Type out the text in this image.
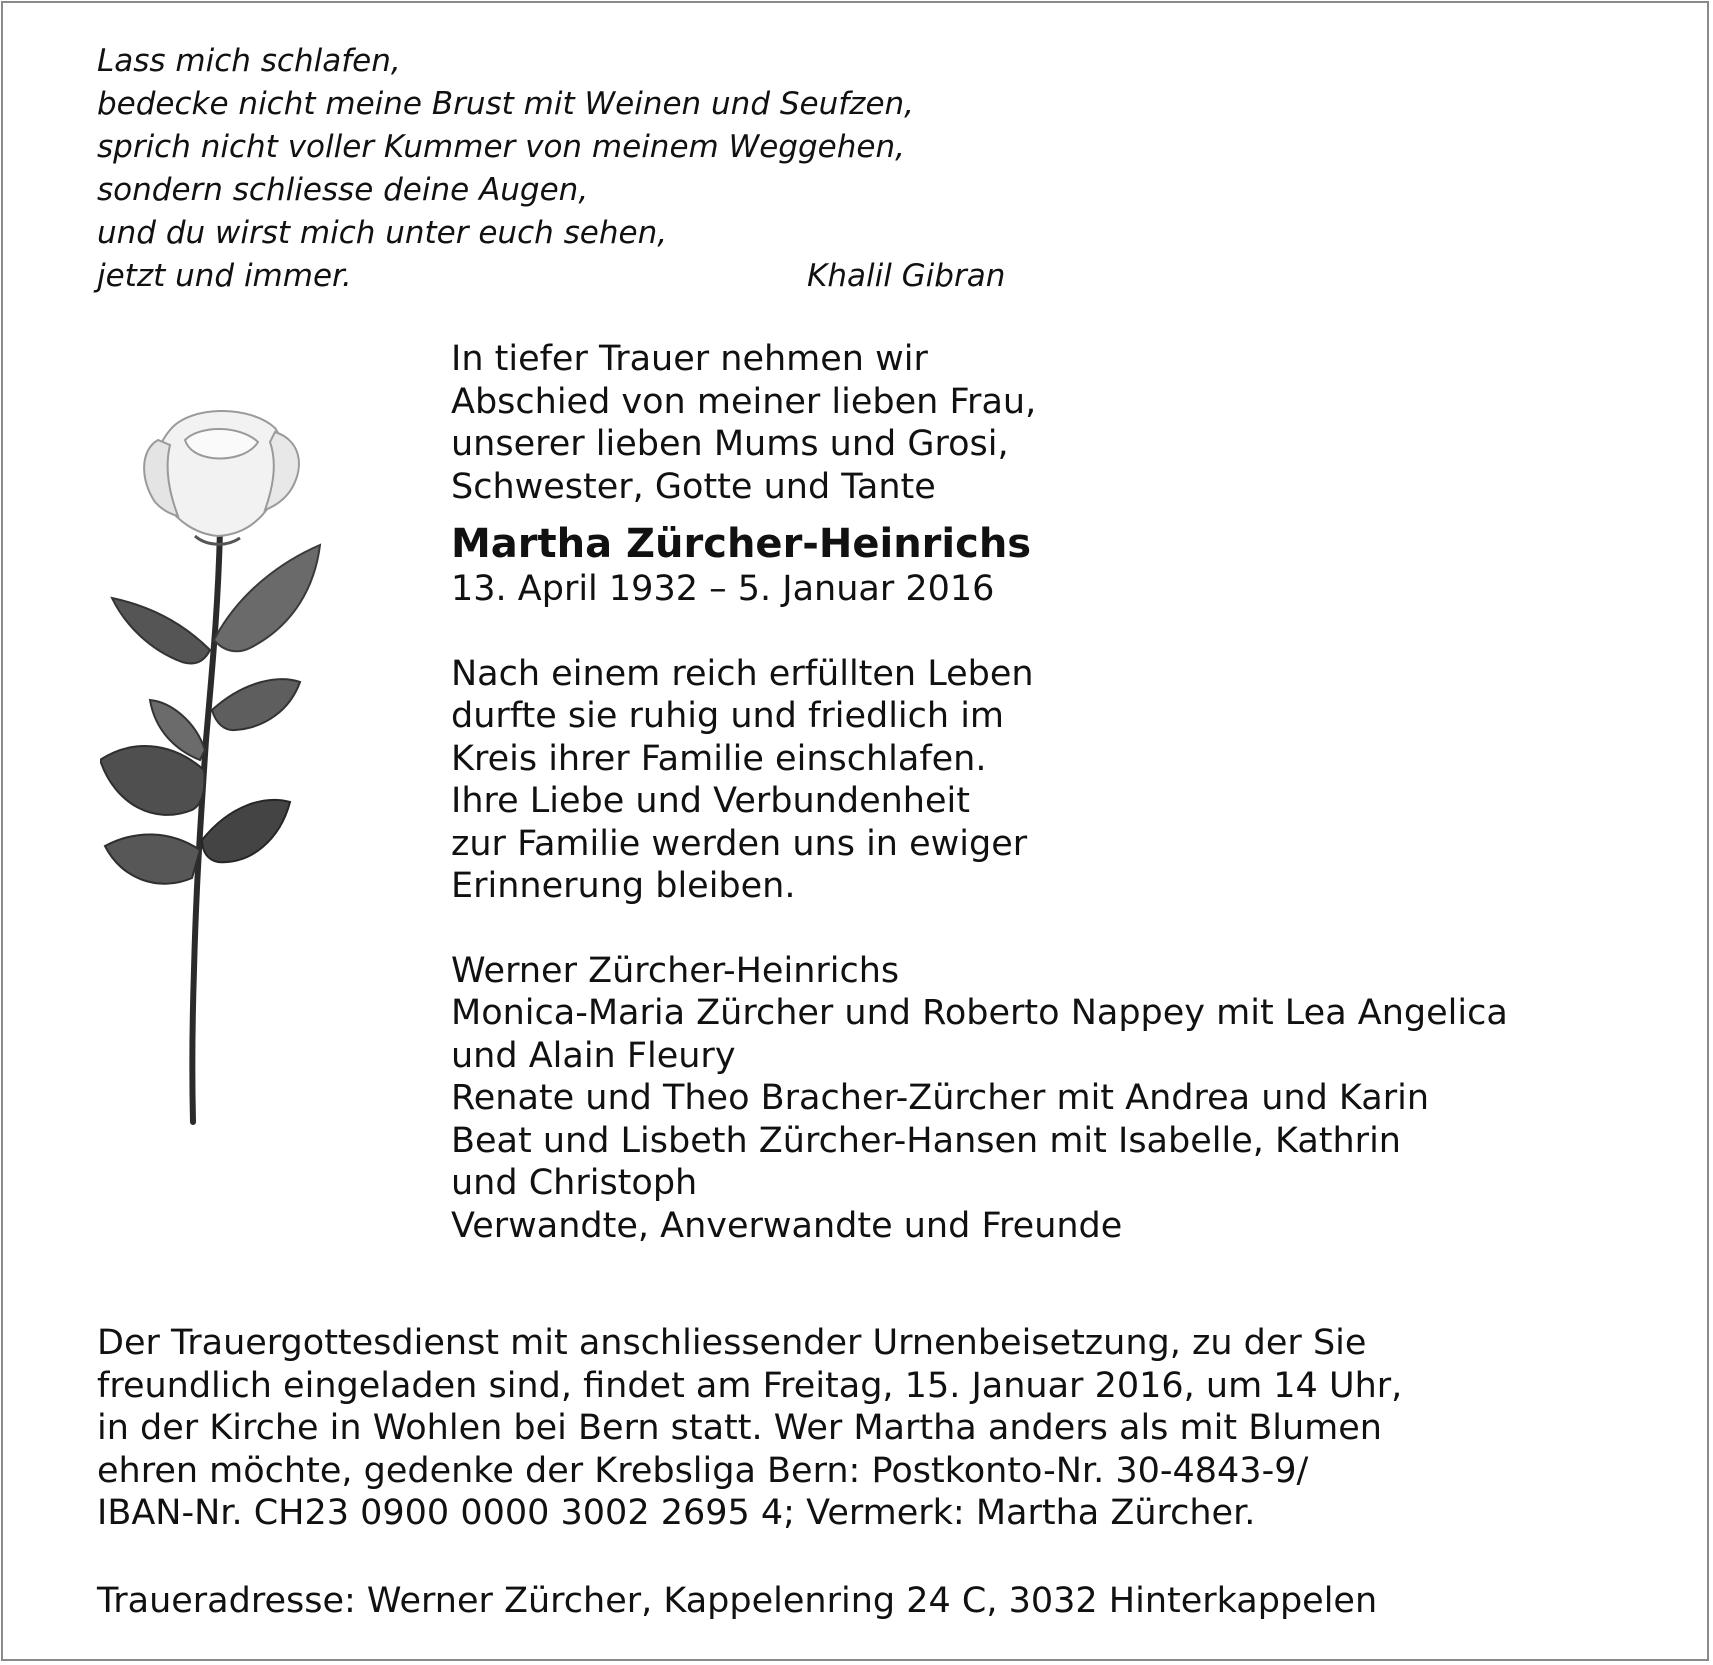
Lass mich schlafen,
bedecke nicht meine Brust mit Weinen und Seufzen,
sprich nicht voller Kummer von meinem Weggehen,
sondern schliesse deine Augen,
und du wirst mich unter euch sehen,
jetzt und immer.	Khalil Gibran
In tiefer Trauer nehmen wir
Abschied von meiner lieben Frau,
unserer lieben Mums und Grosi,
Schwester, Gotte und Tante
Martha Zürcher-Heinrichs
13. April 1932 – 5. Januar 2016
Nach einem reich erfüllten Leben
durfte sie ruhig und friedlich im
Kreis ihrer Familie einschlafen.
Ihre Liebe und Verbundenheit
zur Familie werden uns in ewiger
Erinnerung bleiben.
Werner Zürcher-Heinrichs
Monica-Maria Zürcher und Roberto Nappey mit Lea Angelica
und Alain Fleury
Renate und Theo Bracher-Zürcher mit Andrea und Karin
Beat und Lisbeth Zürcher-Hansen mit Isabelle, Kathrin
und Christoph
Verwandte, Anverwandte und Freunde
Der Trauergottesdienst mit anschliessender Urnenbeisetzung, zu der Sie
freundlich eingeladen sind, findet am Freitag, 15. Januar 2016, um 14 Uhr,
in der Kirche in Wohlen bei Bern statt. Wer Martha anders als mit Blumen
ehren möchte, gedenke der Krebsliga Bern: Postkonto-Nr. 30-4843-9/
IBAN-Nr. CH23 0900 0000 3002 2695 4; Vermerk: Martha Zürcher.
Traueradresse: Werner Zürcher, Kappelenring 24 C, 3032 Hinterkappelen
